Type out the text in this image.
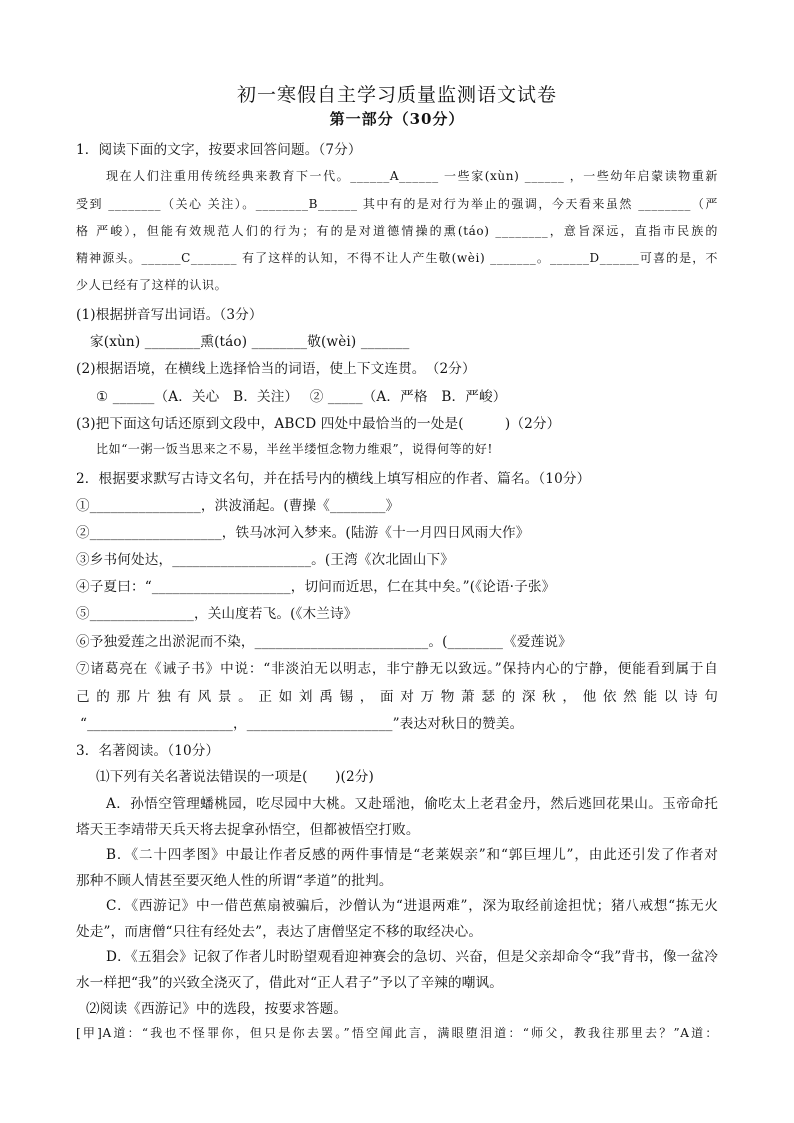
初一寒假自主学习质量监测语文试卷
第一部分（30分）
1．阅读下面的文字，按要求回答问题。（7分）
现在人们注重用传统经典来教育下一代。______A______ 一些家(xùn) ______ ，一些幼年启蒙读物重新
受到 ________（关心 关注）。________B______ 其中有的是对行为举止的强调，今天看来虽然 ________（严
格 严峻），但能有效规范人们的行为；有的是对道德情操的熏(táo) ________，意旨深远，直指市民族的
精神源头。______C_______ 有了这样的认知，不得不让人产生敬(wèi) _______。______D______可喜的是，不
少人已经有了这样的认识。
(1)根据拼音写出词语。（3分）
家(xùn) ________熏(táo) ________敬(wèi) _______
(2)根据语境，在横线上选择恰当的词语，使上下文连贯。　（2分）
① ______（A．关心　B．关注）　 ② _____（A．严格　B．严峻）
(3)把下面这句话还原到文段中，ABCD 四处中最恰当的一处是(　　　)（2分）
比如“一粥一饭当思来之不易，半丝半缕恒念物力维艰”，说得何等的好!
2．根据要求默写古诗文名句，并在括号内的横线上填写相应的作者、篇名。（10分）
①________________，洪波涌起。(曹操《________》
②___________________，铁马冰河入梦来。(陆游《十一月四日风雨大作》
③乡书何处达，____________________。(王湾《次北固山下》
④子夏曰：“____________________，切问而近思，仁在其中矣。”(《论语·子张》
⑤_______________，关山度若飞。(《木兰诗》
⑥予独爱莲之出淤泥而不染，_________________________。(________《爱莲说》
⑦诸葛亮在《诫子书》中说：“非淡泊无以明志，非宁静无以致远。”保持内心的宁静，便能看到属于自
己 的 那 片 独 有 风 景 。 正 如 刘 禹 锡 ， 面 对 万 物 萧 瑟 的 深 秋 ， 他 依 然 能 以 诗 句
“_____________________，_____________________”表达对秋日的赞美。
3．名著阅读。（10分）
⑴下列有关名著说法错误的一项是(　　)(2分)
A．孙悟空管理蟠桃园，吃尽园中大桃。又赴瑶池，偷吃太上老君金丹，然后逃回花果山。玉帝命托
塔天王李靖带天兵天将去捉拿孙悟空，但都被悟空打败。
B．《二十四孝图》中最让作者反感的两件事情是“老莱娱亲”和“郭巨埋儿”，由此还引发了作者对
那种不顾人情甚至要灭绝人性的所谓“孝道”的批判。
C．《西游记》中一借芭蕉扇被骗后，沙僧认为“进退两难”，深为取经前途担忧；猪八戒想“拣无火
处走”，而唐僧“只往有经处去”，表达了唐僧坚定不移的取经决心。
D．《五猖会》记叙了作者儿时盼望观看迎神赛会的急切、兴奋，但是父亲却命令“我”背书，像一盆冷
水一样把“我”的兴致全浇灭了，借此对“正人君子”予以了辛辣的嘲讽。
⑵阅读《西游记》中的选段，按要求答题。
[甲]A道：“我也不怪罪你，但只是你去罢。”悟空闻此言，满眼堕泪道：“师父，教我往那里去？”A道：
